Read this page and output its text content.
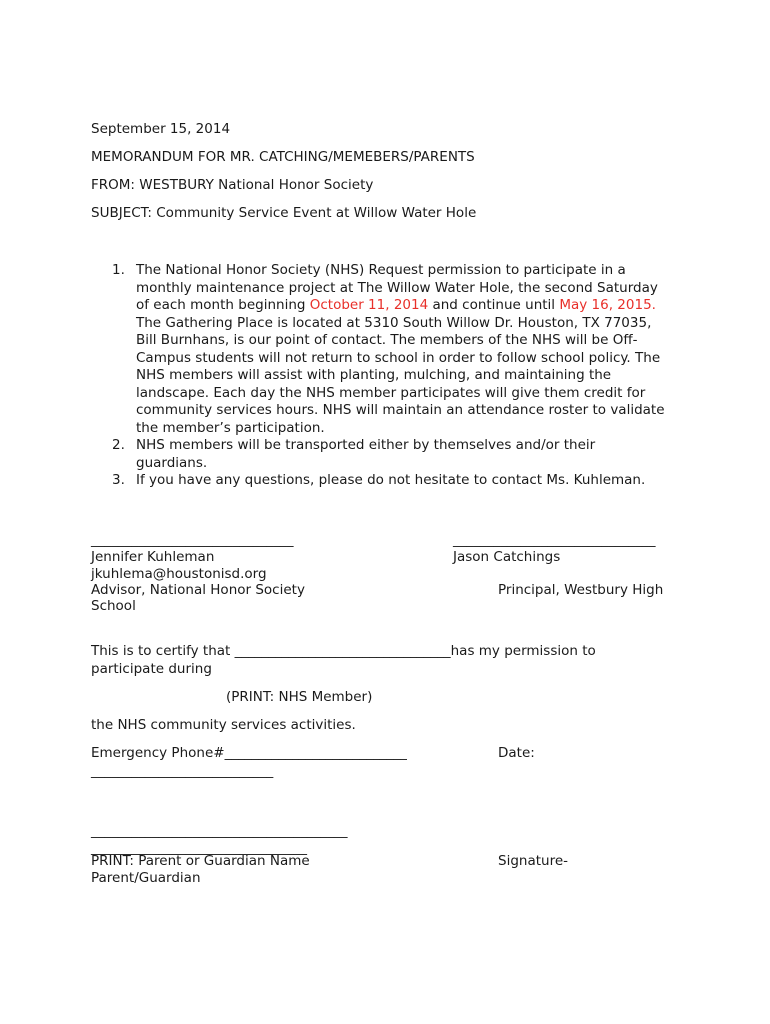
September 15, 2014
MEMORANDUM FOR MR. CATCHING/MEMEBERS/PARENTS
FROM: WESTBURY National Honor Society
SUBJECT: Community Service Event at Willow Water Hole
1. The National Honor Society (NHS) Request permission to participate in a
monthly maintenance project at The Willow Water Hole, the second Saturday
of each month beginning October 11, 2014 and continue until May 16, 2015.
The Gathering Place is located at 5310 South Willow Dr. Houston, TX 77035,
Bill Burnhans, is our point of contact. The members of the NHS will be Off-
Campus students will not return to school in order to follow school policy. The
NHS members will assist with planting, mulching, and maintaining the
landscape. Each day the NHS member participates will give them credit for
community services hours. NHS will maintain an attendance roster to validate
the member’s participation.
2. NHS members will be transported either by themselves and/or their
guardians.
3. If you have any questions, please do not hesitate to contact Ms. Kuhleman.
______________________________
Jennifer Kuhleman
jkuhlema@houstonisd.org
Advisor, National Honor Society
School
______________________________
Jason Catchings
Principal, Westbury High
This is to certify that ________________________________has my permission to
participate during
(PRINT: NHS Member)
the NHS community services activities.
Emergency Phone#___________________________	Date:
___________________________
______________________________________
________________________________
PRINT: Parent or Guardian Name	Signature-
Parent/Guardian
